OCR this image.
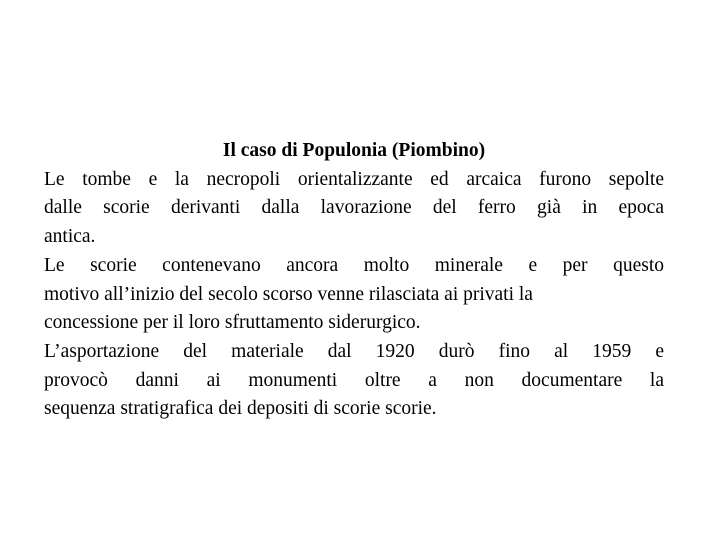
Il caso di Populonia (Piombino)
Le tombe e la necropoli orientalizzante ed arcaica furono sepolte
dalle scorie derivanti dalla lavorazione del ferro già in epoca
antica.
Le scorie contenevano ancora molto minerale e per questo
motivo all’inizio del secolo scorso venne rilasciata ai privati la
concessione per il loro sfruttamento siderurgico.
L’asportazione del materiale dal 1920 durò fino al 1959 e
provocò danni ai monumenti oltre a non documentare la
sequenza stratigrafica dei depositi di scorie scorie.
